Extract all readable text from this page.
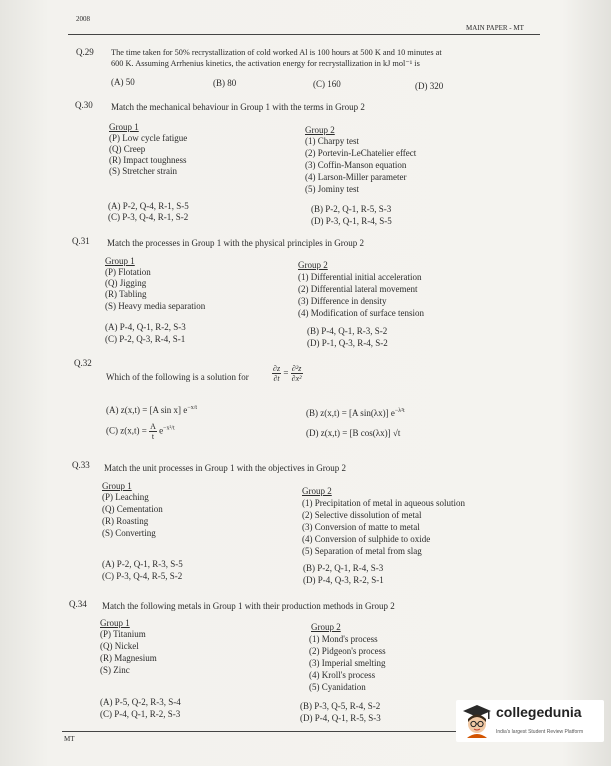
2008
MAIN PAPER - MT
Q.29 The time taken for 50% recrystallization of cold worked Al is 100 hours at 500 K and 10 minutes at
600 K. Assuming Arrhenius kinetics, the activation energy for recrystallization in kJ mol⁻¹ is
(A) 50	(B) 80	(C) 160	(D) 320
Q.30 Match the mechanical behaviour in Group 1 with the terms in Group 2
Group 1
(P) Low cycle fatigue
(Q) Creep
(R) Impact toughness
(S) Stretcher strain
Group 2
(1) Charpy test
(2) Portevin-LeChatelier effect
(3) Coffin-Manson equation
(4) Larson-Miller parameter
(5) Jominy test
(A) P-2, Q-4, R-1, S-5	(B) P-2, Q-1, R-5, S-3
(C) P-3, Q-4, R-1, S-2	(D) P-3, Q-1, R-4, S-5
Q.31 Match the processes in Group 1 with the physical principles in Group 2
Group 1
(P) Flotation
(Q) Jigging
(R) Tabling
(S) Heavy media separation
Group 2
(1) Differential initial acceleration
(2) Differential lateral movement
(3) Difference in density
(4) Modification of surface tension
(A) P-4, Q-1, R-2, S-3	(B) P-4, Q-1, R-3, S-2
(C) P-2, Q-3, R-4, S-1	(D) P-1, Q-3, R-4, S-2
Q.32
Which of the following is a solution for	$\frac{\partial z}{\partial t} = \frac{\text{∂²z}}{\text{∂x²}}$
(A) z(x,t) = [A sin x] $e^{-x/t}$	(B) z(x,t) = [A sin(λx)] $e^{-\lambda^2t}$
(C) $z(x,t) = \frac{A}{t} e^{-x^2/t}$	(D) z(x,t) = [B cos(λx)] √t
Q.33 Match the unit processes in Group 1 with the objectives in Group 2
Group 1
(P) Leaching
(Q) Cementation
(R) Roasting
(S) Converting
Group 2
(1) Precipitation of metal in aqueous solution
(2) Selective dissolution of metal
(3) Conversion of matte to metal
(4) Conversion of sulphide to oxide
(5) Separation of metal from slag
(A) P-2, Q-1, R-3, S-5	(B) P-2, Q-1, R-4, S-3
(C) P-3, Q-4, R-5, S-2	(D) P-4, Q-3, R-2, S-1
Q.34 Match the following metals in Group 1 with their production methods in Group 2
Group 1
(P) Titanium
(Q) Nickel
(R) Magnesium
(S) Zinc
Group 2
(1) Mond's process
(2) Pidgeon's process
(3) Imperial smelting
(4) Kroll's process
(5) Cyanidation
(A) P-5, Q-2, R-3, S-4	(B) P-3, Q-5, R-4, S-2
(C) P-4, Q-1, R-2, S-3	(D) P-4, Q-1, R-5, S-3
MT
collegedunia
India's largest Student Review Platform
